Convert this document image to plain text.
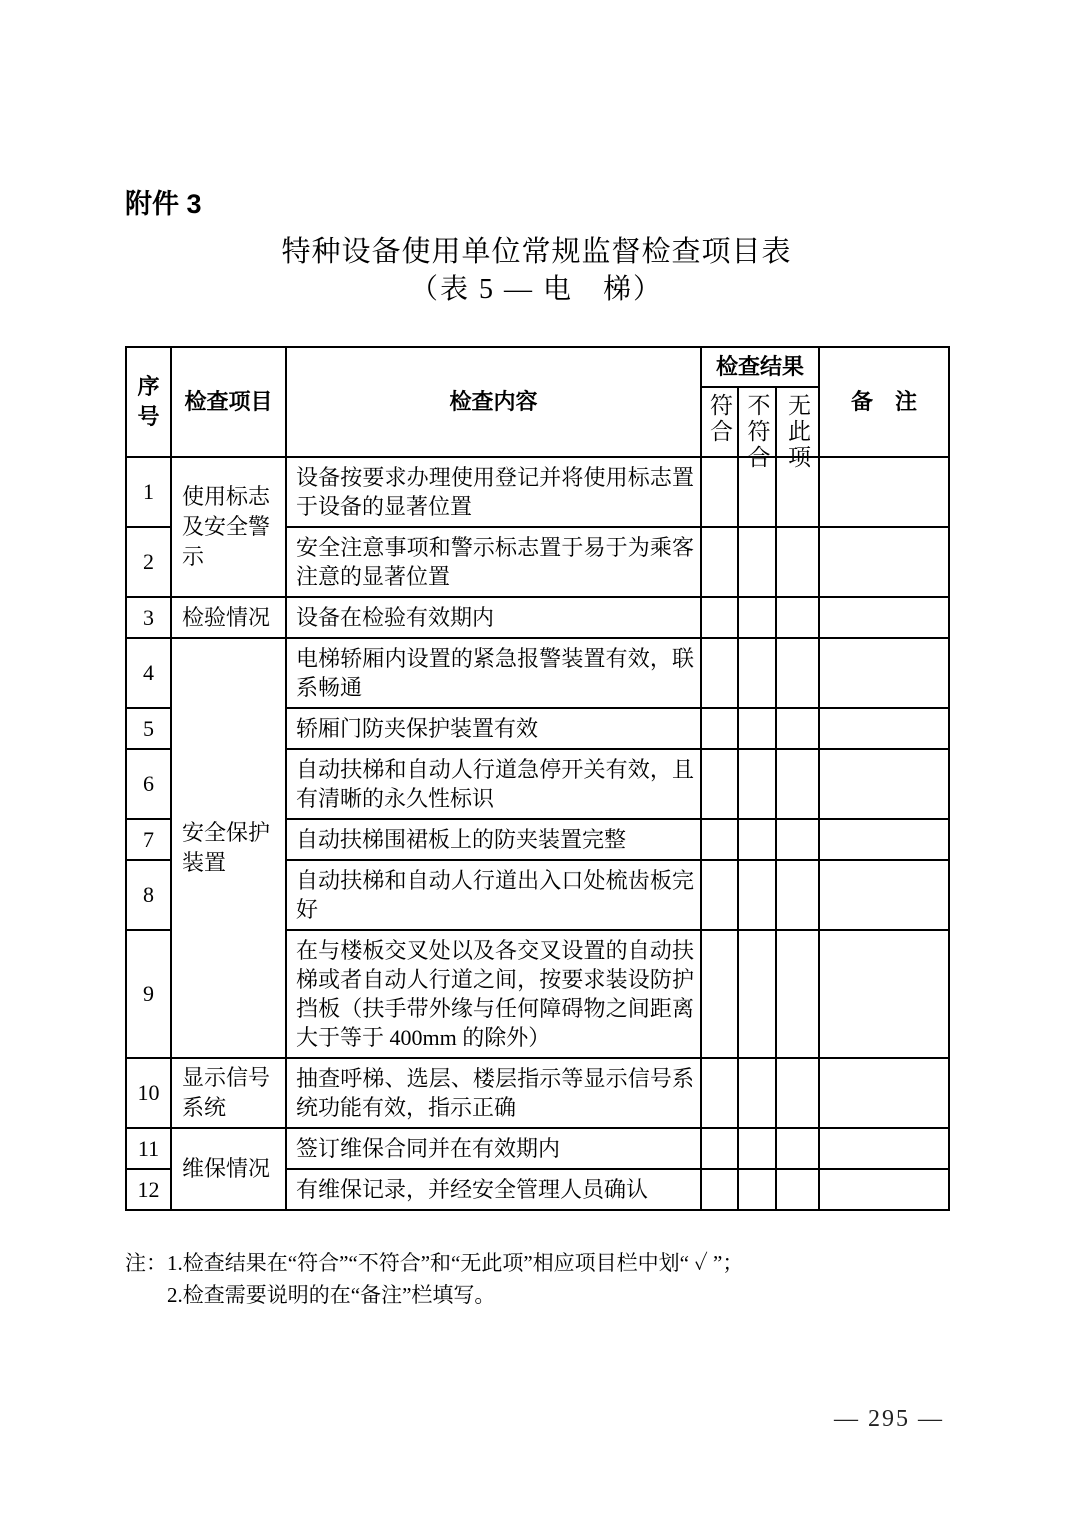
附件 3
特种设备使用单位常规监督检查项目表
（表 5 — 电　梯）
序号	检查项目	检查内容	检查结果			备　注

			符合	不符合	无此项	

1	使用标志及安全警示	设备按要求办理使用登记并将使用标志置于设备的显著位置				
2		安全注意事项和警示标志置于易于为乘客注意的显著位置				
3	检验情况	设备在检验有效期内				
4	安全保护装置	电梯轿厢内设置的紧急报警装置有效，联系畅通				
5		轿厢门防夹保护装置有效				
6		自动扶梯和自动人行道急停开关有效，且有清晰的永久性标识				
7		自动扶梯围裙板上的防夹装置完整				
8		自动扶梯和自动人行道出入口处梳齿板完好				
9		在与楼板交叉处以及各交叉设置的自动扶梯或者自动人行道之间，按要求装设防护挡板（扶手带外缘与任何障碍物之间距离大于等于 400mm 的除外）				
10	显示信号系统	抽查呼梯、选层、楼层指示等显示信号系统功能有效，指示正确				
11	维保情况	签订维保合同并在有效期内				
12		有维保记录，并经安全管理人员确认				
注： 1.检查结果在“符合”“不符合”和“无此项”相应项目栏中划“ ✓ ”；
2.检查需要说明的在“备注”栏填写。
— 295 —
